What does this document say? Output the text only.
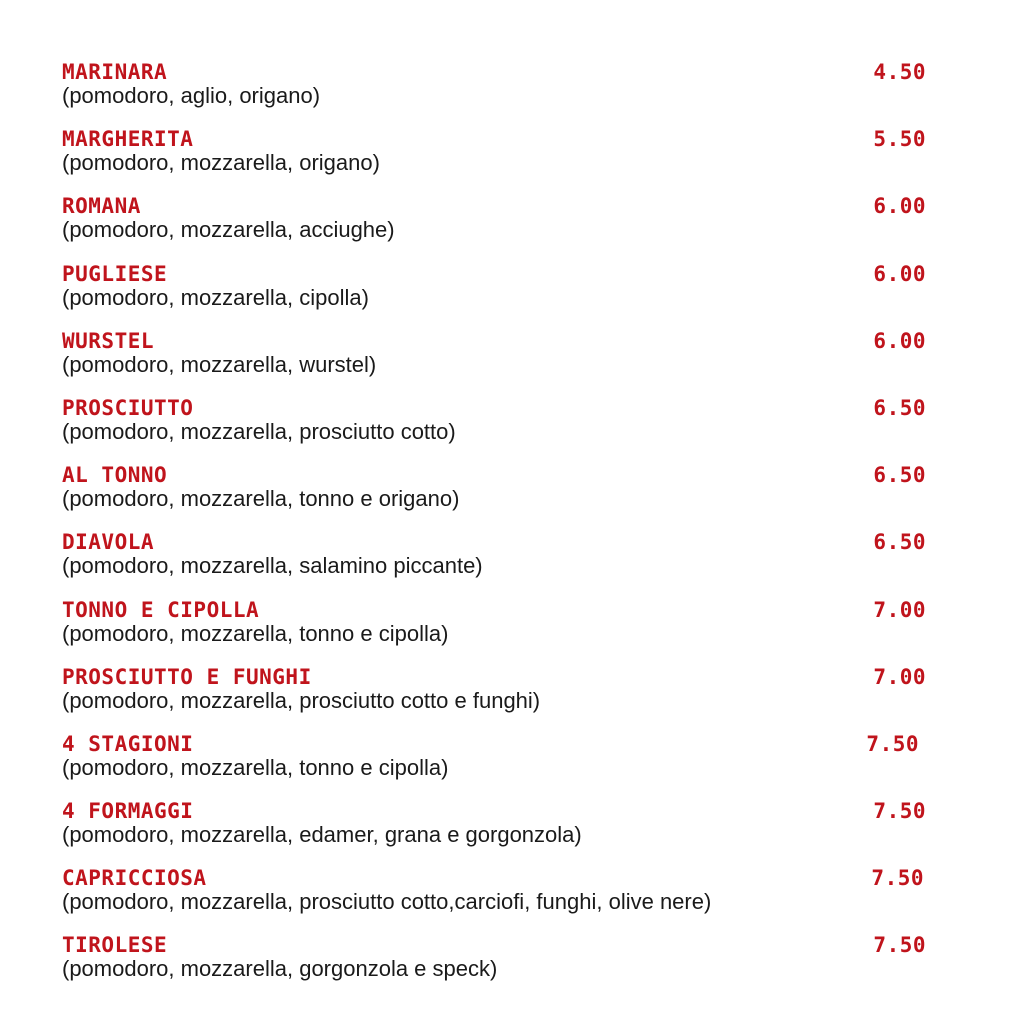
MARINARA	4.50
(pomodoro, aglio, origano)
MARGHERITA	5.50
(pomodoro, mozzarella, origano)
ROMANA	6.00
(pomodoro, mozzarella, acciughe)
PUGLIESE	6.00
(pomodoro, mozzarella, cipolla)
WURSTEL	6.00
(pomodoro, mozzarella, wurstel)
PROSCIUTTO	6.50
(pomodoro, mozzarella, prosciutto cotto)
AL TONNO	6.50
(pomodoro, mozzarella, tonno e origano)
DIAVOLA	6.50
(pomodoro, mozzarella, salamino piccante)
TONNO E CIPOLLA	7.00
(pomodoro, mozzarella, tonno e cipolla)
PROSCIUTTO E FUNGHI	7.00
(pomodoro, mozzarella, prosciutto cotto e funghi)
4 STAGIONI	7.50
(pomodoro, mozzarella, tonno e cipolla)
4 FORMAGGI	7.50
(pomodoro, mozzarella, edamer, grana e gorgonzola)
CAPRICCIOSA	7.50
(pomodoro, mozzarella, prosciutto cotto,carciofi, funghi, olive nere)
TIROLESE	7.50
(pomodoro, mozzarella, gorgonzola e speck)
